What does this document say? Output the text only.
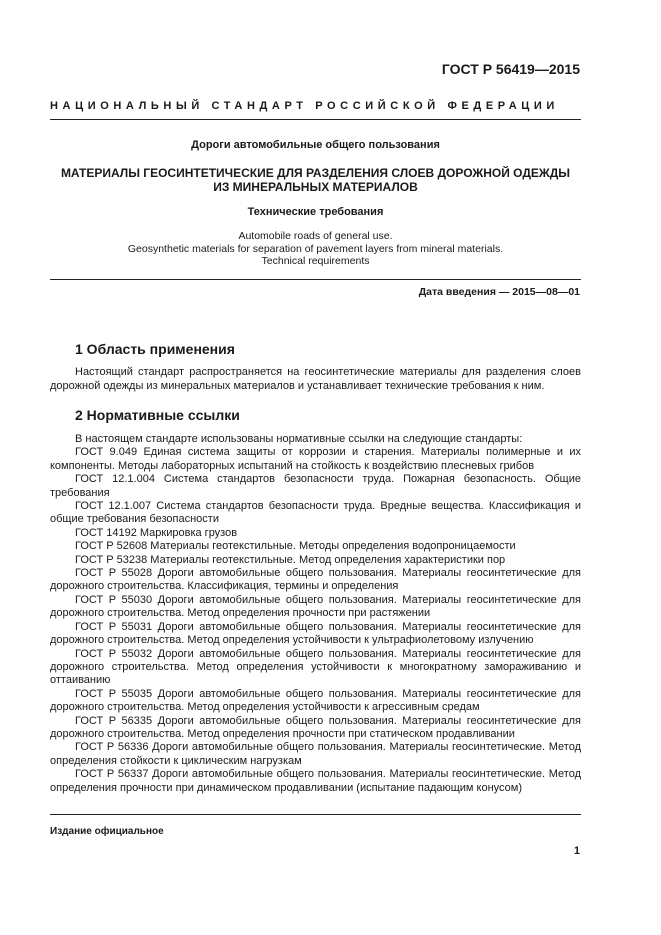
ГОСТ Р 56419—2015
НАЦИОНАЛЬНЫЙ СТАНДАРТ РОССИЙСКОЙ ФЕДЕРАЦИИ
Дороги автомобильные общего пользования
МАТЕРИАЛЫ ГЕОСИНТЕТИЧЕСКИЕ ДЛЯ РАЗДЕЛЕНИЯ СЛОЕВ ДОРОЖНОЙ ОДЕЖДЫ
ИЗ МИНЕРАЛЬНЫХ МАТЕРИАЛОВ
Технические требования
Automobile roads of general use.
Geosynthetic materials for separation of pavement layers from mineral materials.
Technical requirements
Дата введения — 2015—08—01
1 Область применения

Настоящий стандарт распространяется на геосинтетические материалы для разделения слоев дорожной одежды из минеральных материалов и устанавливает технические требования к ним.

2 Нормативные ссылки

В настоящем стандарте использованы нормативные ссылки на следующие стандарты:

ГОСТ 9.049 Единая система защиты от коррозии и старения. Материалы полимерные и их компоненты. Методы лабораторных испытаний на стойкость к воздействию плесневых грибов

ГОСТ 12.1.004 Система стандартов безопасности труда. Пожарная безопасность. Общие требования

ГОСТ 12.1.007 Система стандартов безопасности труда. Вредные вещества. Классификация и общие требования безопасности

ГОСТ 14192 Маркировка грузов

ГОСТ Р 52608 Материалы геотекстильные. Методы определения водопроницаемости

ГОСТ Р 53238 Материалы геотекстильные. Метод определения характеристики пор

ГОСТ Р 55028 Дороги автомобильные общего пользования. Материалы геосинтетические для дорожного строительства. Классификация, термины и определения

ГОСТ Р 55030 Дороги автомобильные общего пользования. Материалы геосинтетические для дорожного строительства. Метод определения прочности при растяжении

ГОСТ Р 55031 Дороги автомобильные общего пользования. Материалы геосинтетические для дорожного строительства. Метод определения устойчивости к ультрафиолетовому излучению

ГОСТ Р 55032 Дороги автомобильные общего пользования. Материалы геосинтетические для дорожного строительства. Метод определения устойчивости к многократному замораживанию и оттаиванию

ГОСТ Р 55035 Дороги автомобильные общего пользования. Материалы геосинтетические для дорожного строительства. Метод определения устойчивости к агрессивным средам

ГОСТ Р 56335 Дороги автомобильные общего пользования. Материалы геосинтетические для дорожного строительства. Метод определения прочности при статическом продавливании

ГОСТ Р 56336 Дороги автомобильные общего пользования. Материалы геосинтетические. Метод определения стойкости к циклическим нагрузкам

ГОСТ Р 56337 Дороги автомобильные общего пользования. Материалы геосинтетические. Метод определения прочности при динамическом продавливании (испытание падающим конусом)

Издание официальное
1
